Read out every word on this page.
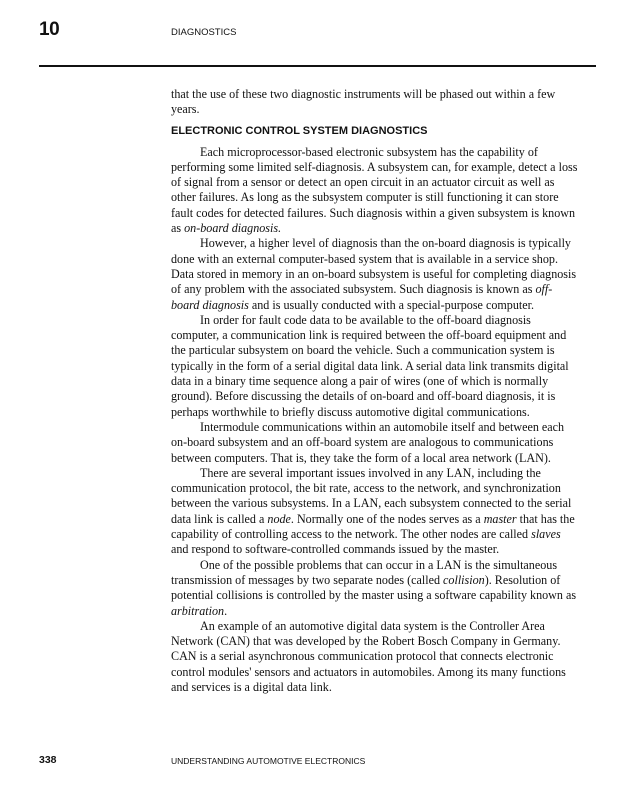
10	DIAGNOSTICS

that the use of these two diagnostic instruments will be phased out within a few years.

ELECTRONIC CONTROL SYSTEM DIAGNOSTICS

Each microprocessor-based electronic subsystem has the capability of performing some limited self-diagnosis. A subsystem can, for example, detect a loss of signal from a sensor or detect an open circuit in an actuator circuit as well as other failures. As long as the subsystem computer is still functioning it can store fault codes for detected failures. Such diagnosis within a given subsystem is known as on-board diagnosis.

However, a higher level of diagnosis than the on-board diagnosis is typically done with an external computer-based system that is available in a service shop. Data stored in memory in an on-board subsystem is useful for completing diagnosis of any problem with the associated subsystem. Such diagnosis is known as off-board diagnosis and is usually conducted with a special-purpose computer.

In order for fault code data to be available to the off-board diagnosis computer, a communication link is required between the off-board equipment and the particular subsystem on board the vehicle. Such a communication system is typically in the form of a serial digital data link. A serial data link transmits digital data in a binary time sequence along a pair of wires (one of which is normally ground). Before discussing the details of on-board and off-board diagnosis, it is perhaps worthwhile to briefly discuss automotive digital communications.

Intermodule communications within an automobile itself and between each on-board subsystem and an off-board system are analogous to communications between computers. That is, they take the form of a local area network (LAN).

There are several important issues involved in any LAN, including the communication protocol, the bit rate, access to the network, and synchronization between the various subsystems. In a LAN, each subsystem connected to the serial data link is called a node. Normally one of the nodes serves as a master that has the capability of controlling access to the network. The other nodes are called slaves and respond to software-controlled commands issued by the master.

One of the possible problems that can occur in a LAN is the simultaneous transmission of messages by two separate nodes (called collision). Resolution of potential collisions is controlled by the master using a software capability known as arbitration.

An example of an automotive digital data system is the Controller Area Network (CAN) that was developed by the Robert Bosch Company in Germany. CAN is a serial asynchronous communication protocol that connects electronic control modules' sensors and actuators in automobiles. Among its many functions and services is a digital data link.

338	UNDERSTANDING AUTOMOTIVE ELECTRONICS
